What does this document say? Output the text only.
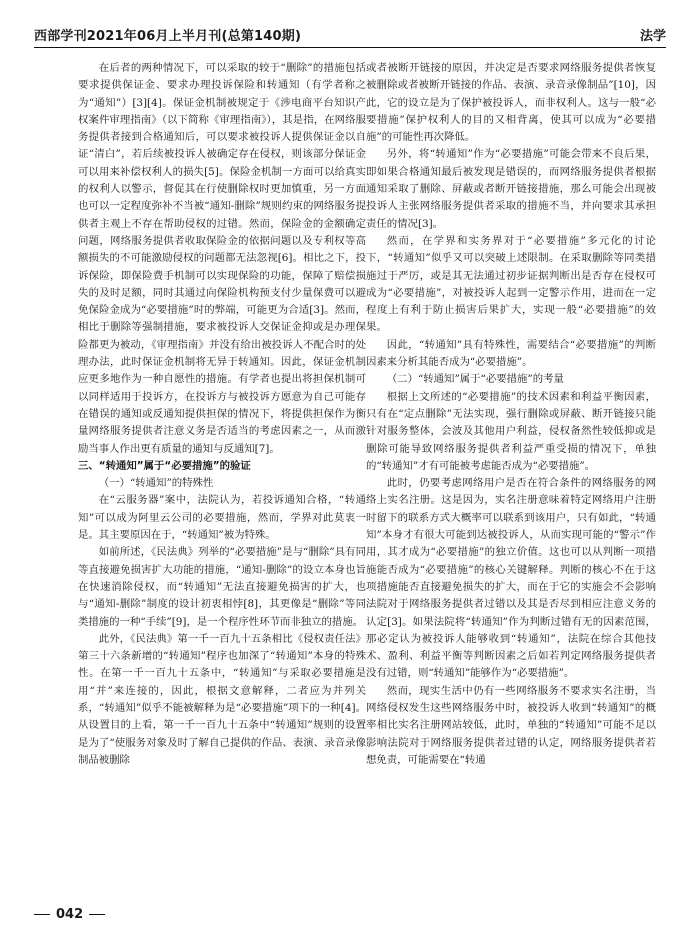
西部学刊2021年06月上半月刊(总第140期)	法学

在后者的两种情况下，可以采取的较于“删除”的措施包括要求提供保证金、要求办理投诉保险和转通知（有学者称之为“通知”）[3][4]。保证金机制被规定于《涉电商平台知识产权案件审理指南》（以下简称《审理指南》），其是指，在网络服务提供者接到合格通知后，可以要求被投诉人提供保证金以自证“清白”，若后续被投诉人被确定存在侵权，则该部分保证金可以用来补偿权利人的损失[5]。保险金机制一方面可以给真实的权利人以警示，督促其在行使删除权时更加慎重，另一方面也可以一定程度弥补不当被“通知-删除”规则约束的网络服务提供者主观上不存在帮助侵权的过错。然而，保险金的金额确定问题，网络服务提供者收取保险金的依据问题以及专利权等高额损失的不可能激励侵权的问题都无法忽视[6]。相比之下，投诉保险，即保险费手机制可以实现保险的功能，保障了赔偿损失的及时足额，同时其通过向保险机构预支付少量保费可以避免保险金成为“必要措施”时的弊端，可能更为合适[3]。然而，相比于删除等强制措施，要求被投诉人交保证金抑或是办理保险都更为被动，《审理指南》并没有给出被投诉人不配合时的处理办法，此时保证金机制将无异于转通知。因此，保证金机制应更多地作为一种自愿性的措施。有学者也提出将担保机制可以同样适用于投诉方，在投诉方与被投诉方愿意为自己可能存在错误的通知或反通知提供担保的情况下，将提供担保作为衡量网络服务提供者注意义务是否适当的考虑因素之一，从而激励当事人作出更有质量的通知与反通知[7]。

三、“转通知”属于“必要措施”的验证
（一）“转通知”的特殊性

在“云服务器”案中，法院认为，若投诉通知合格，“转通知”可以成为阿里云公司的必要措施，然而，学界对此莫衷一是。其主要原因在于，“转通知”被为特殊。

如前所述，《民法典》列举的“必要措施”是与“删除”具有同等直接避免损害扩大功能的措施，“通知-删除”的设立本身也旨在快速消除侵权，而“转通知”无法直接避免损害的扩大，也与“通知-删除”制度的设计初衷相悖[8]，其更像是“删除”等同类措施的一种“手续”[9]，是一个程序性环节而非独立的措施。

此外，《民法典》第一千一百九十五条相比《侵权责任法》第三十六条新增的“转通知”程序也加深了“转通知”本身的特殊性。在第一千一百九十五条中，“转通知”与采取必要措施是用“并”来连接的，因此，根据文意解释，二者应为并列关系，“转通知”似乎不能被解释为是“必要措施”项下的一种[4]。从设置目的上看，第一千一百九十五条中“转通知”规则的设置是为了“使服务对象及时了解自己提供的作品、表演、录音录像制品被删除

或者被断开链接的原因，并决定是否要求网络服务提供者恢复被删除或者被断开链接的作品、表演、录音录像制品”[10]，因此，它的设立是为了保护被投诉人，而非权利人。这与一般“必要措施”保护权利人的目的又相背离，使其可以成为“必要措施”的可能性再次降低。

另外，将“转通知”作为“必要措施”可能会带来不良后果，即如果合格通知最后被发现是错误的，而网络服务提供者根据通知采取了删除、屏蔽或者断开链接措施，那么可能会出现被投诉人主张网络服务提供者采取的措施不当，并向要求其承担责任的情况[3]。

然而，在学界和实务界对于“必要措施”多元化的讨论下，“转通知”似乎又可以突破上述限制。在采取删除等同类措施过于严厉，或是其无法通过初步证据判断出是否存在侵权可成为“必要措施”，对被投诉人起到一定警示作用，进而在一定程度上有利于防止损害后果扩大，实现一般“必要措施”的效果。

因此，“转通知”具有特殊性，需要结合“必要措施”的判断因素来分析其能否成为“必要措施”。

（二）“转通知”属于“必要措施”的考量

根据上文所述的“必要措施”的技术因素和利益平衡因素，只有在“定点删除”无法实现，强行删除或屏蔽、断开链接只能针对服务整体，会波及其他用户利益，侵权备然性较低抑或是删除可能导致网络服务提供者利益严重受损的情况下，单独的“转通知”才有可能被考虑能否成为“必要措施”。

此时，仍要考虑网络用户是否在符合条件的网络服务的网络上实名注册。这是因为，实名注册意味着特定网络用户注册时留下的联系方式大概率可以联系到该用户，只有如此，“转通知”本身才有很大可能到达被投诉人，从而实现可能的“警示”作用，其才成为“必要措施”的独立价值。这也可以从判断一项措施能否成为“必要措施”的核心关键解释。判断的核心不在于这项措施能否直接避免损失的扩大，而在于它的实施会不会影响法院对于网络服务提供者过错以及其是否尽到相应注意义务的认定[3]。如果法院将“转通知”作为判断过错有无的因素范围，那必定认为被投诉人能够收到“转通知”，法院在综合其他技术、盈利、利益平衡等判断因素之后如若判定网络服务提供者没有过错，则“转通知”能够作为“必要措施”。

然而，现实生活中仍有一些网络服务不要求实名注册，当网络侵权发生这些网络服务中时，被投诉人收到“转通知”的概率相比实名注册网站较低，此时，单独的“转通知”可能不足以影响法院对于网络服务提供者过错的认定，网络服务提供者若想免责，可能需要在“转通

042
